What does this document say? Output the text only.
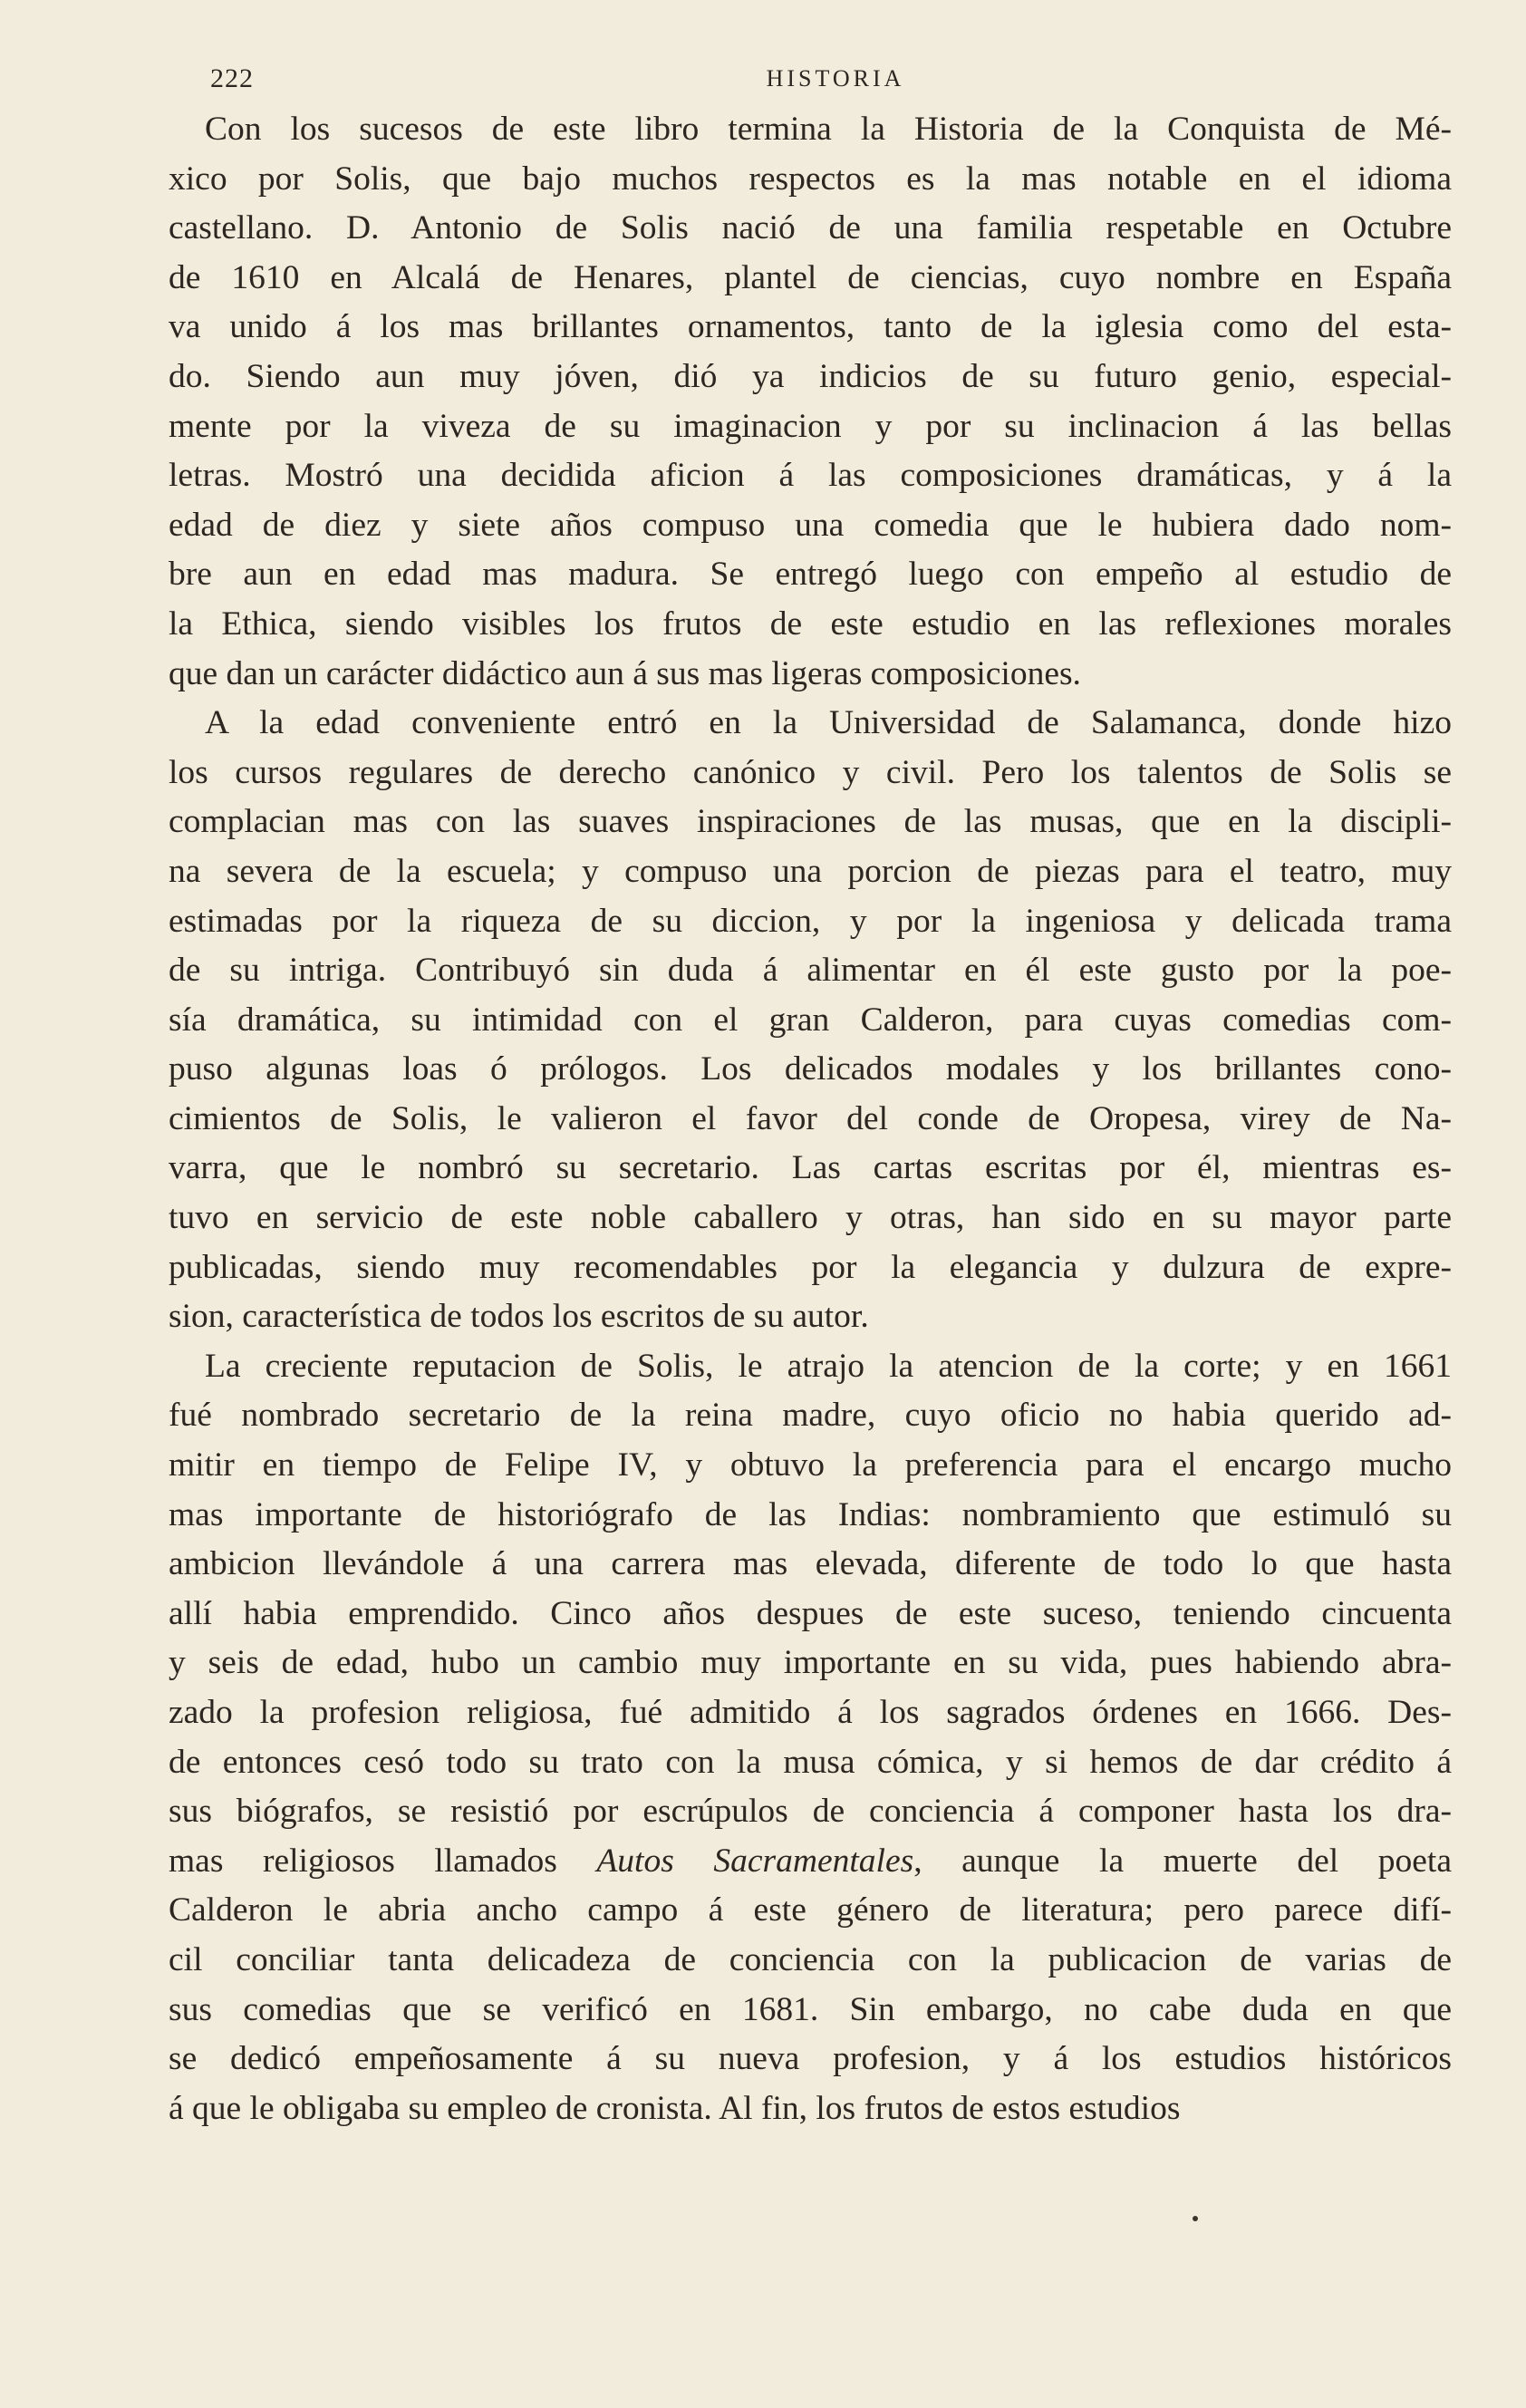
222	HISTORIA
Con los sucesos de este libro termina la Historia de la Conquista de Mé-
xico por Solis, que bajo muchos respectos es la mas notable en el idioma
castellano. D. Antonio de Solis nació de una familia respetable en Octubre
de 1610 en Alcalá de Henares, plantel de ciencias, cuyo nombre en España
va unido á los mas brillantes ornamentos, tanto de la iglesia como del esta-
do. Siendo aun muy jóven, dió ya indicios de su futuro genio, especial-
mente por la viveza de su imaginacion y por su inclinacion á las bellas
letras. Mostró una decidida aficion á las composiciones dramáticas, y á la
edad de diez y siete años compuso una comedia que le hubiera dado nom-
bre aun en edad mas madura. Se entregó luego con empeño al estudio de
la Ethica, siendo visibles los frutos de este estudio en las reflexiones morales
que dan un carácter didáctico aun á sus mas ligeras composiciones.
A la edad conveniente entró en la Universidad de Salamanca, donde hizo
los cursos regulares de derecho canónico y civil. Pero los talentos de Solis se
complacian mas con las suaves inspiraciones de las musas, que en la discipli-
na severa de la escuela; y compuso una porcion de piezas para el teatro, muy
estimadas por la riqueza de su diccion, y por la ingeniosa y delicada trama
de su intriga. Contribuyó sin duda á alimentar en él este gusto por la poe-
sía dramática, su intimidad con el gran Calderon, para cuyas comedias com-
puso algunas loas ó prólogos. Los delicados modales y los brillantes cono-
cimientos de Solis, le valieron el favor del conde de Oropesa, virey de Na-
varra, que le nombró su secretario. Las cartas escritas por él, mientras es-
tuvo en servicio de este noble caballero y otras, han sido en su mayor parte
publicadas, siendo muy recomendables por la elegancia y dulzura de expre-
sion, característica de todos los escritos de su autor.
La creciente reputacion de Solis, le atrajo la atencion de la corte; y en 1661
fué nombrado secretario de la reina madre, cuyo oficio no habia querido ad-
mitir en tiempo de Felipe IV, y obtuvo la preferencia para el encargo mucho
mas importante de historiógrafo de las Indias: nombramiento que estimuló su
ambicion llevándole á una carrera mas elevada, diferente de todo lo que hasta
allí habia emprendido. Cinco años despues de este suceso, teniendo cincuenta
y seis de edad, hubo un cambio muy importante en su vida, pues habiendo abra-
zado la profesion religiosa, fué admitido á los sagrados órdenes en 1666. Des-
de entonces cesó todo su trato con la musa cómica, y si hemos de dar crédito á
sus biógrafos, se resistió por escrúpulos de conciencia á componer hasta los dra-
mas religiosos llamados Autos Sacramentales, aunque la muerte del poeta
Calderon le abria ancho campo á este género de literatura; pero parece difí-
cil conciliar tanta delicadeza de conciencia con la publicacion de varias de
sus comedias que se verificó en 1681. Sin embargo, no cabe duda en que
se dedicó empeñosamente á su nueva profesion, y á los estudios históricos
á que le obligaba su empleo de cronista. Al fin, los frutos de estos estudios
